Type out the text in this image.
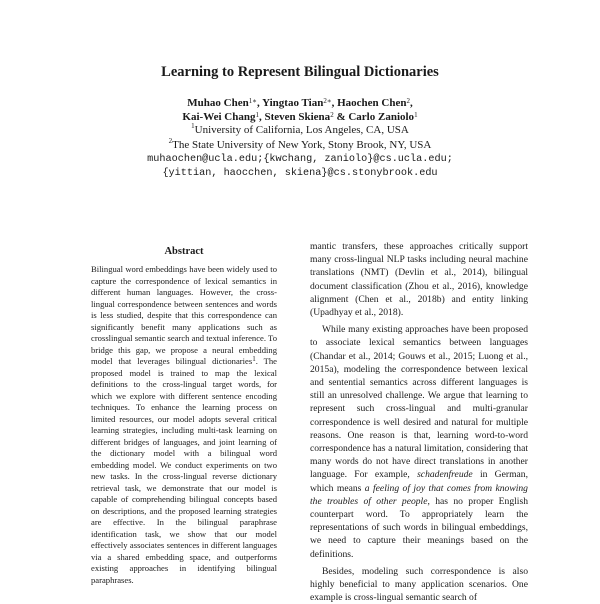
Learning to Represent Bilingual Dictionaries
Muhao Chen$^{1∗}$, Yingtao Tian$^{2∗}$, Haochen Chen$^2$,
Kai-Wei Chang$^1$, Steven Skiena$^2$ & Carlo Zaniolo$^1$
$^1$University of California, Los Angeles, CA, USA
$^2$The State University of New York, Stony Brook, NY, USA
muhaochen@ucla.edu;{kwchang, zaniolo}@cs.ucla.edu;
{yittian, haocchen, skiena}@cs.stonybrook.edu
Abstract

Bilingual word embeddings have been widely used to capture the correspondence of lexical semantics in different human languages. However, the cross-lingual correspondence between sentences and words is less studied, despite that this correspondence can significantly benefit many applications such as crosslingual semantic search and textual inference. To bridge this gap, we propose a neural embedding model that leverages bilingual dictionaries$^1$. The proposed model is trained to map the lexical definitions to the cross-lingual target words, for which we explore with different sentence encoding techniques. To enhance the learning process on limited resources, our model adopts several critical learning strategies, including multi-task learning on different bridges of languages, and joint learning of the dictionary model with a bilingual word embedding model. We conduct experiments on two new tasks. In the cross-lingual reverse dictionary retrieval task, we demonstrate that our model is capable of comprehending bilingual concepts based on descriptions, and the proposed learning strategies are effective. In the bilingual paraphrase identification task, we show that our model effectively associates sentences in different languages via a shared embedding space, and outperforms existing approaches in identifying bilingual paraphrases.

mantic transfers, these approaches critically support many cross-lingual NLP tasks including neural machine translations (NMT) (Devlin et al., 2014), bilingual document classification (Zhou et al., 2016), knowledge alignment (Chen et al., 2018b) and entity linking (Upadhyay et al., 2018).

While many existing approaches have been proposed to associate lexical semantics between languages (Chandar et al., 2014; Gouws et al., 2015; Luong et al., 2015a), modeling the correspondence between lexical and sentential semantics across different languages is still an unresolved challenge. We argue that learning to represent such cross-lingual and multi-granular correspondence is well desired and natural for multiple reasons. One reason is that, learning word-to-word correspondence has a natural limitation, considering that many words do not have direct translations in another language. For example, schadenfreude in German, which means a feeling of joy that comes from knowing the troubles of other people, has no proper English counterpart word. To appropriately learn the representations of such words in bilingual embeddings, we need to capture their meanings based on the definitions.

Besides, modeling such correspondence is also highly beneficial to many application scenarios. One example is cross-lingual semantic search of
